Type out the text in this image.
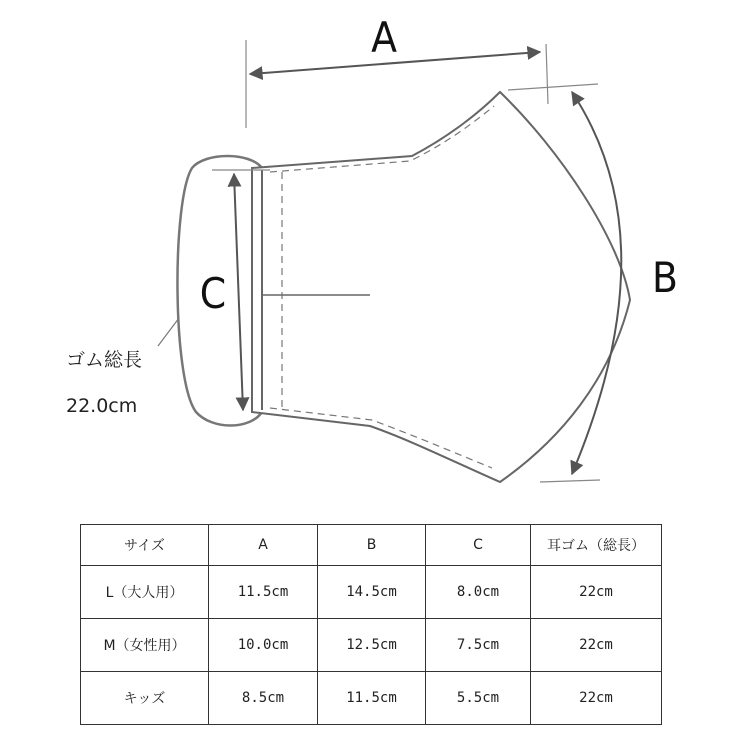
A
B
C
ゴム総長
22.0cm
サイズ	A	B	C	耳ゴム（総長）
L（大人用）	11.5cm	14.5cm	8.0cm	22cm
M（女性用）	10.0cm	12.5cm	7.5cm	22cm
キッズ	8.5cm	11.5cm	5.5cm	22cm
